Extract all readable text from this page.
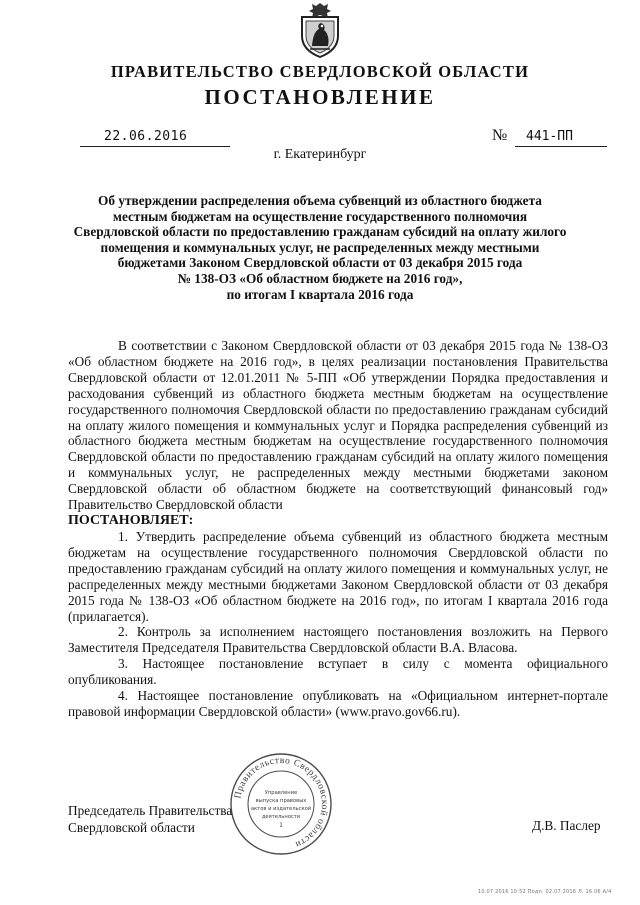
ПРАВИТЕЛЬСТВО СВЕРДЛОВСКОЙ ОБЛАСТИ
ПОСТАНОВЛЕНИЕ
22.06.2016	№ 441-ПП
г. Екатеринбург
Об утверждении распределения объема субвенций из областного бюджета
местным бюджетам на осуществление государственного полномочия
Свердловской области по предоставлению гражданам субсидий на оплату жилого
помещения и коммунальных услуг, не распределенных между местными
бюджетами Законом Свердловской области от 03 декабря 2015 года
№ 138-ОЗ «Об областном бюджете на 2016 год»,
по итогам I квартала 2016 года

В соответствии с Законом Свердловской области от 03 декабря 2015 года № 138-ОЗ «Об областном бюджете на 2016 год», в целях реализации постановления Правительства Свердловской области от 12.01.2011 № 5-ПП «Об утверждении Порядка предоставления и расходования субвенций из областного бюджета местным бюджетам на осуществление государственного полномочия Свердловской области по предоставлению гражданам субсидий на оплату жилого помещения и коммунальных услуг и Порядка распределения субвенций из областного бюджета местным бюджетам на осуществление государственного полномочия Свердловской области по предоставлению гражданам субсидий на оплату жилого помещения и коммунальных услуг, не распределенных между местными бюджетами законом Свердловской области об областном бюджете на соответствующий финансовый год» Правительство Свердловской области

ПОСТАНОВЛЯЕТ:

1. Утвердить распределение объема субвенций из областного бюджета местным бюджетам на осуществление государственного полномочия Свердловской области по предоставлению гражданам субсидий на оплату жилого помещения и коммунальных услуг, не распределенных между местными бюджетами Законом Свердловской области от 03 декабря 2015 года № 138-ОЗ «Об областном бюджете на 2016 год», по итогам I квартала 2016 года (прилагается).

2. Контроль за исполнением настоящего постановления возложить на Первого Заместителя Председателя Правительства Свердловской области В.А. Власова.

3. Настоящее постановление вступает в силу с момента официального опубликования.

4. Настоящее постановление опубликовать на «Официальном интернет-портале правовой информации Свердловской области» (www.pravo.gov66.ru).

Председатель Правительства
Свердловской области	Д.В. Паслер
Правительство Свердловской области
Управление
выпуска правовых
актов и издательской
деятельности
1
10.07.2016 10:52 Подп. 02.07.2016 Л. 16.06 А/4
